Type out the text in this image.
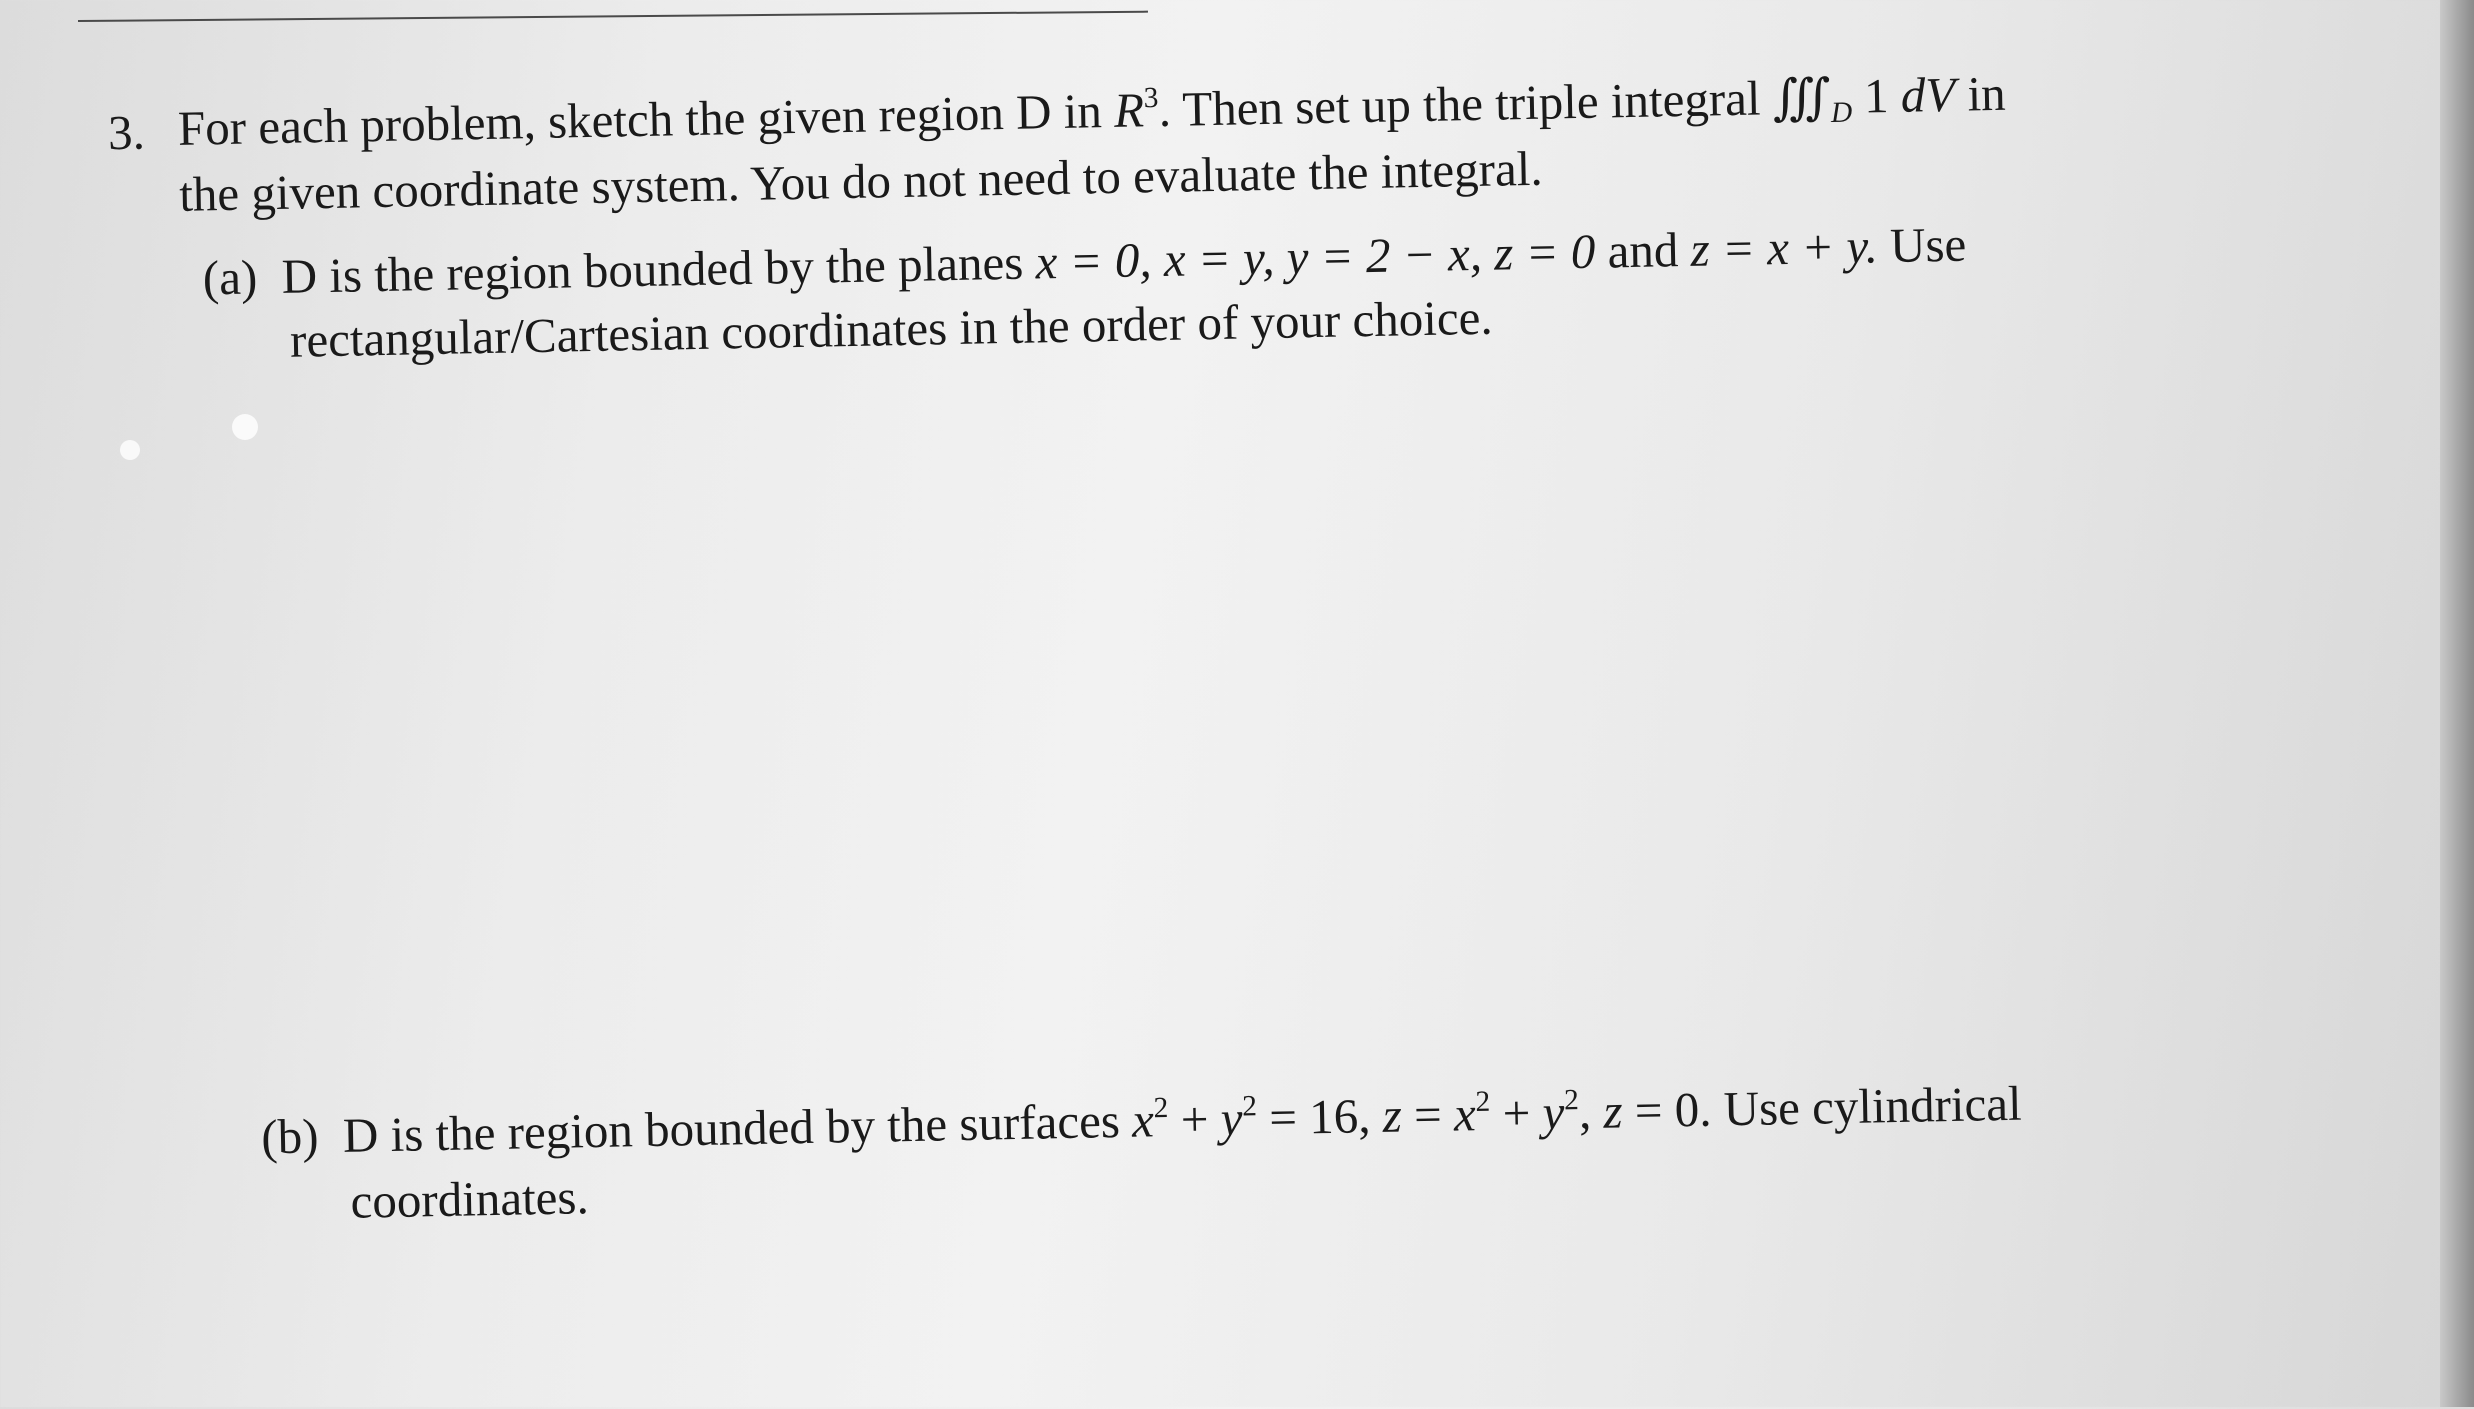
3. For each problem, sketch the given region D in $R^3$. Then set up the triple integral $∭_D$ 1 dV in
the given coordinate system. You do not need to evaluate the integral.
(a) D is the region bounded by the planes x = 0, x = y, y = 2 − x, z = 0 and z = x + y. Use
rectangular/Cartesian coordinates in the order of your choice.
(b) D is the region bounded by the surfaces $x^2 + y^2 = 16$, $z = x^2 + y^2$, z = 0. Use cylindrical
coordinates.
